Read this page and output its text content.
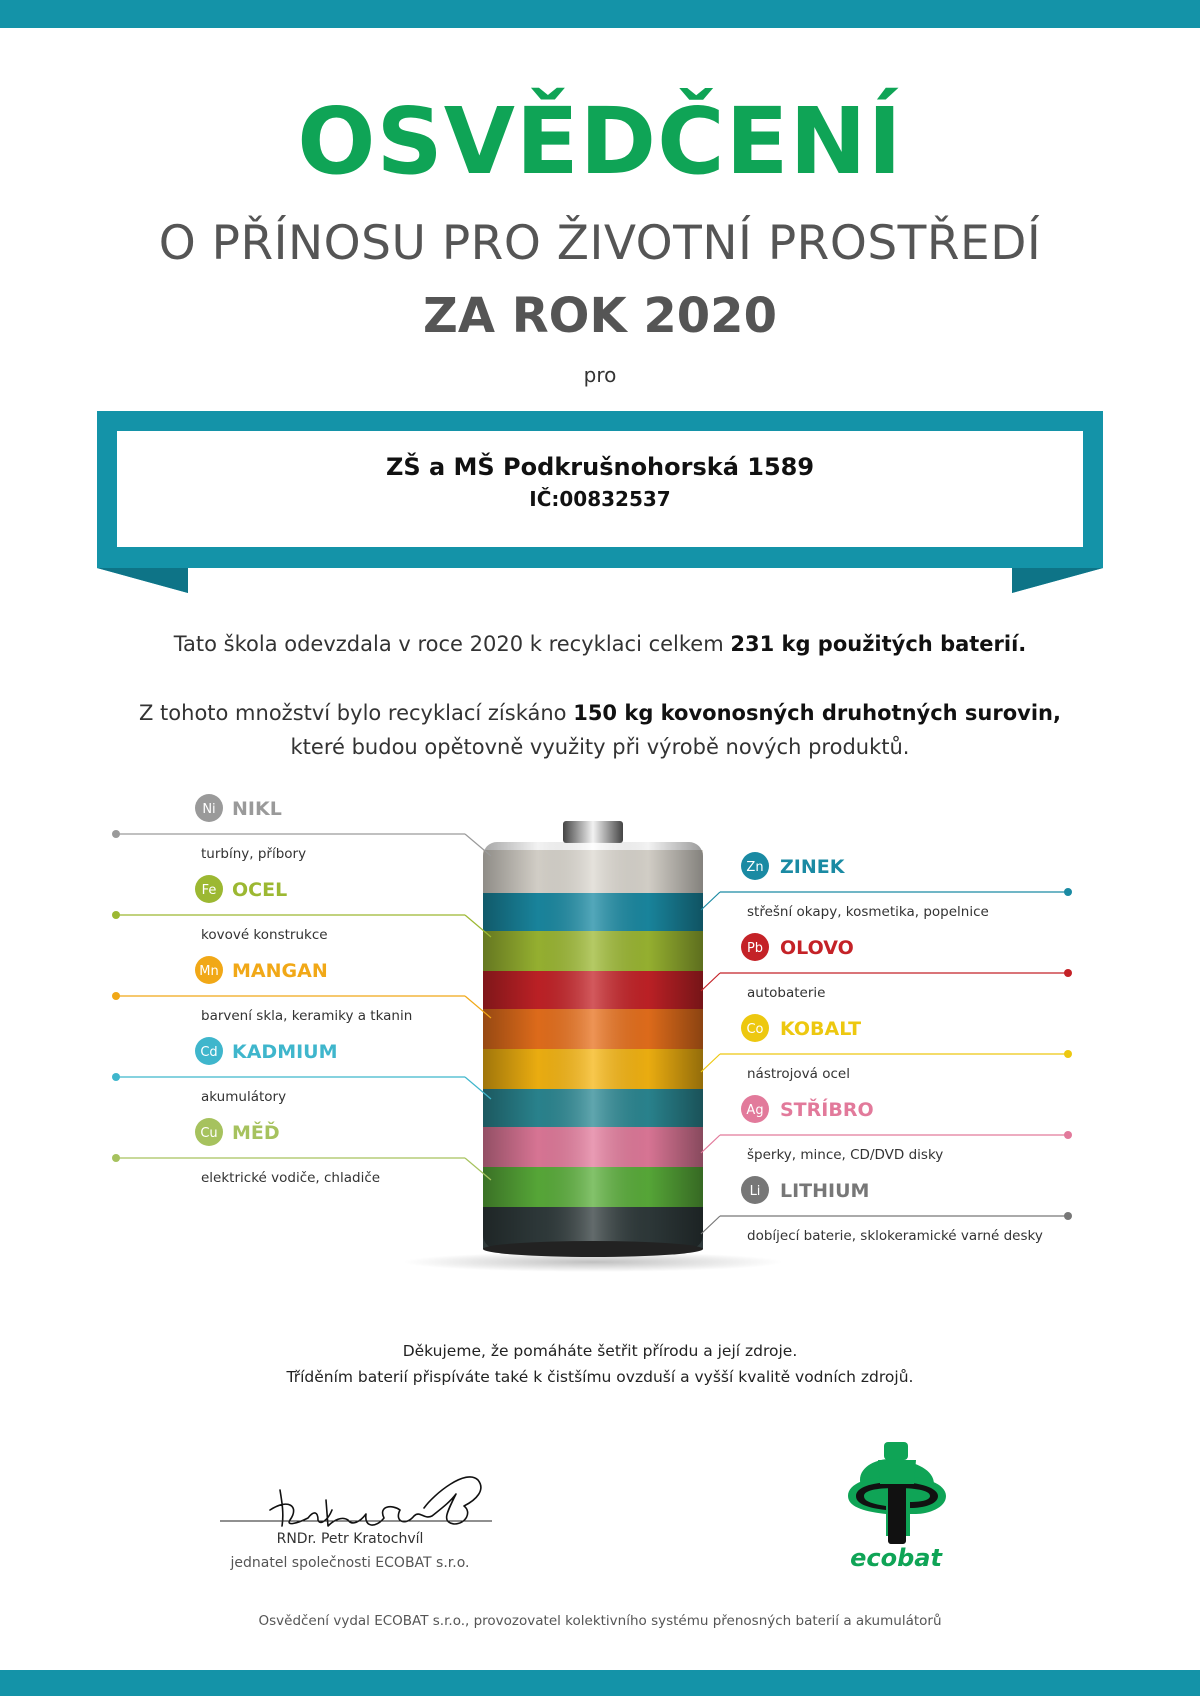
OSVĚDČENÍ
O PŘÍNOSU PRO ŽIVOTNÍ PROSTŘEDÍ
ZA ROK 2020
pro
ZŠ a MŠ Podkrušnohorská 1589
IČ:00832537
Tato škola odevzdala v roce 2020 k recyklaci celkem 231 kg použitých baterií.
Z tohoto množství bylo recyklací získáno 150 kg kovonosných druhotných surovin,
které budou opětovně využity při výrobě nových produktů.
Ni NIKL
turbíny, příbory
Fe OCEL
kovové konstrukce
Mn MANGAN
barvení skla, keramiky a tkanin
Cd KADMIUM
akumulátory
Cu MĚĎ
elektrické vodiče, chladiče
Zn ZINEK
střešní okapy, kosmetika, popelnice
Pb OLOVO
autobaterie
Co KOBALT
nástrojová ocel
Ag STŘÍBRO
šperky, mince, CD/DVD disky
Li LITHIUM
dobíjecí baterie, sklokeramické varné desky
Děkujeme, že pomáháte šetřit přírodu a její zdroje.
Tříděním baterií přispíváte také k čistšímu ovzduší a vyšší kvalitě vodních zdrojů.
RNDr. Petr Kratochvíl
jednatel společnosti ECOBAT s.r.o.	ecobat
Osvědčení vydal ECOBAT s.r.o., provozovatel kolektivního systému přenosných baterií a akumulátorů
